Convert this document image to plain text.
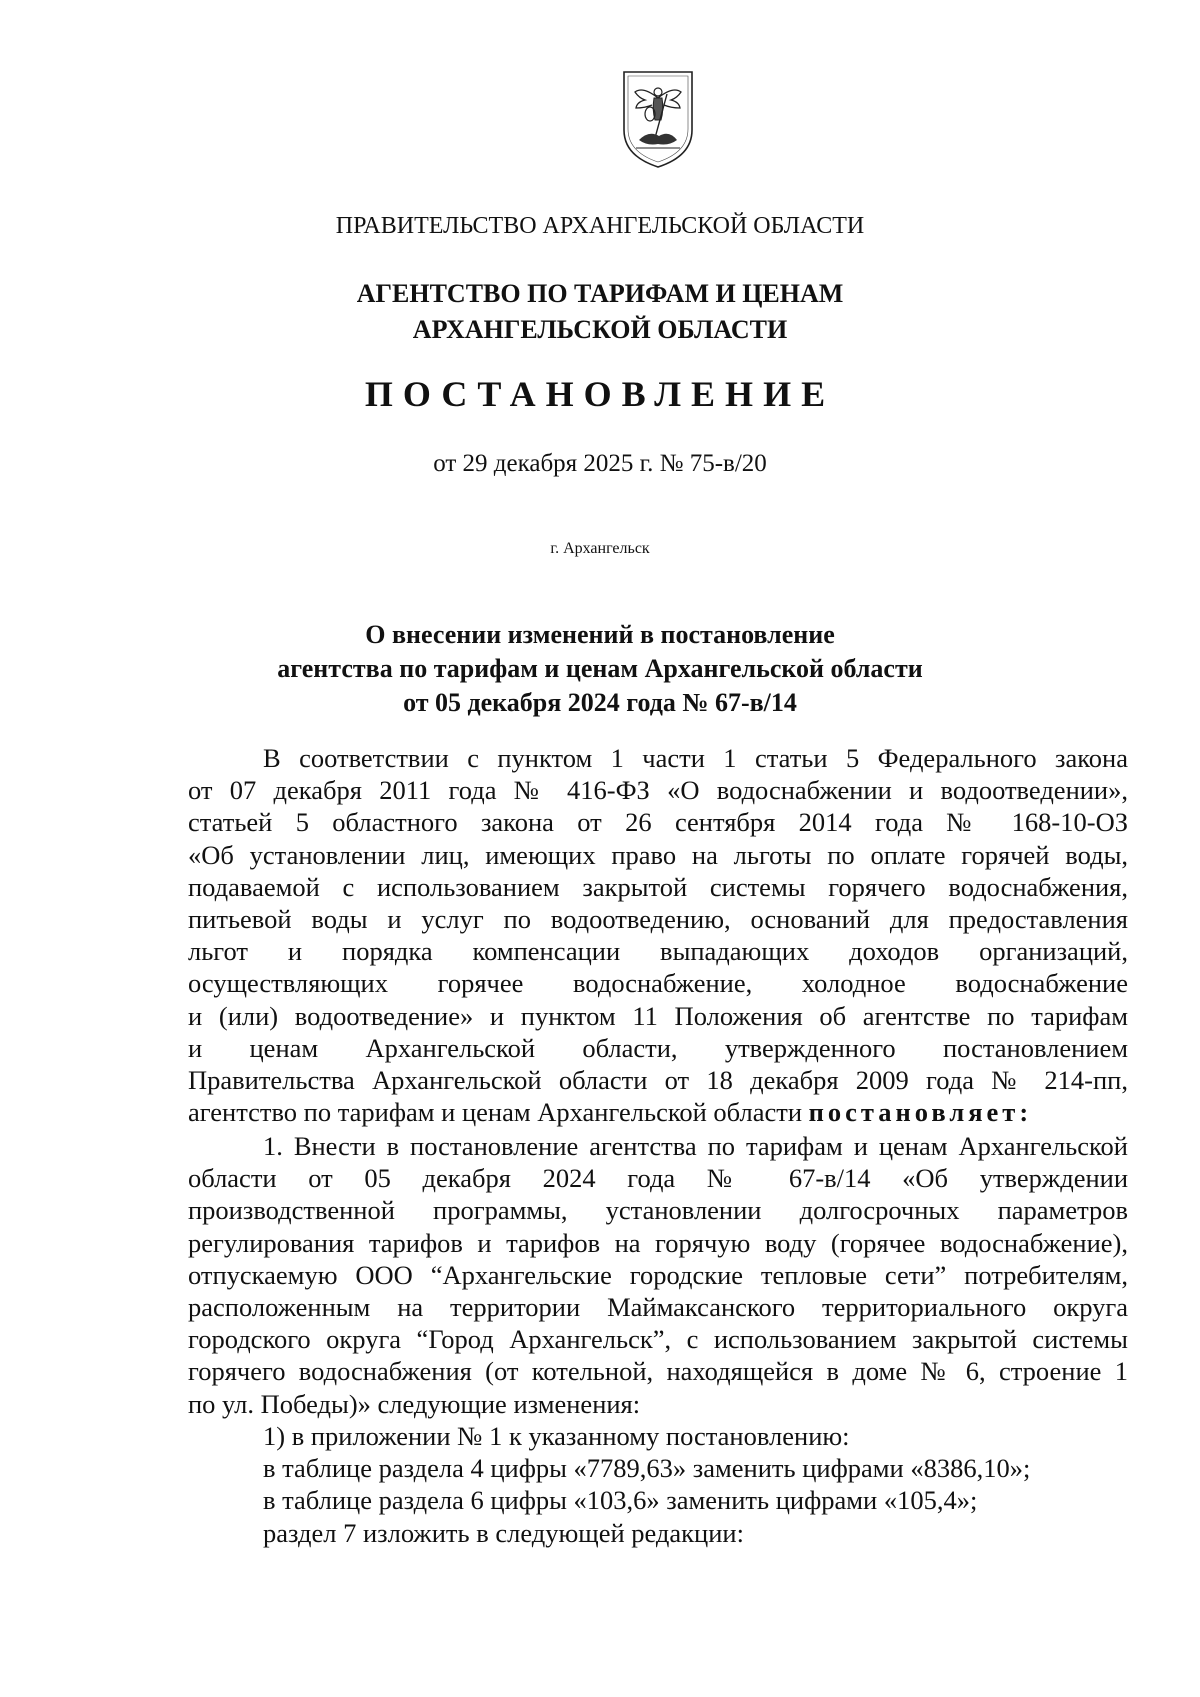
ПРАВИТЕЛЬСТВО АРХАНГЕЛЬСКОЙ ОБЛАСТИ
АГЕНТСТВО ПО ТАРИФАМ И ЦЕНАМ
АРХАНГЕЛЬСКОЙ ОБЛАСТИ
ПОСТАНОВЛЕНИЕ
от 29 декабря 2025 г. № 75-в/20
г. Архангельск
О внесении изменений в постановление
агентства по тарифам и ценам Архангельской области
от 05 декабря 2024 года № 67-в/14
В соответствии с пунктом 1 части 1 статьи 5 Федерального закона
от 07 декабря 2011 года № 416-ФЗ «О водоснабжении и водоотведении»,
статьей 5 областного закона от 26 сентября 2014 года № 168-10-ОЗ
«Об установлении лиц, имеющих право на льготы по оплате горячей воды,
подаваемой с использованием закрытой системы горячего водоснабжения,
питьевой воды и услуг по водоотведению, оснований для предоставления
льгот и порядка компенсации выпадающих доходов организаций,
осуществляющих горячее водоснабжение, холодное водоснабжение
и (или) водоотведение» и пунктом 11 Положения об агентстве по тарифам
и ценам Архангельской области, утвержденного постановлением
Правительства Архангельской области от 18 декабря 2009 года № 214-пп,
агентство по тарифам и ценам Архангельской области постановляет:
1. Внести в постановление агентства по тарифам и ценам Архангельской
области от 05 декабря 2024 года № 67-в/14 «Об утверждении
производственной программы, установлении долгосрочных параметров
регулирования тарифов и тарифов на горячую воду (горячее водоснабжение),
отпускаемую ООО “Архангельские городские тепловые сети” потребителям,
расположенным на территории Маймаксанского территориального округа
городского округа “Город Архангельск”, с использованием закрытой системы
горячего водоснабжения (от котельной, находящейся в доме № 6, строение 1
по ул. Победы)» следующие изменения:
1) в приложении № 1 к указанному постановлению:
в таблице раздела 4 цифры «7789,63» заменить цифрами «8386,10»;
в таблице раздела 6 цифры «103,6» заменить цифрами «105,4»;
раздел 7 изложить в следующей редакции:
